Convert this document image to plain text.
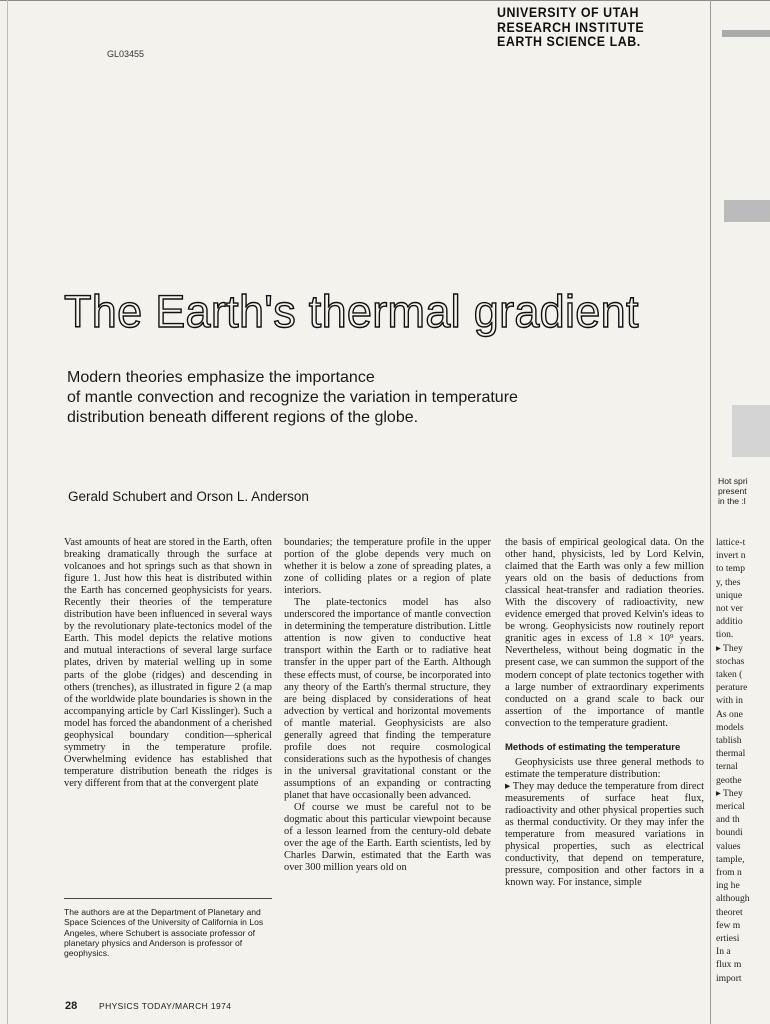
UNIVERSITY OF UTAH
RESEARCH INSTITUTE
EARTH SCIENCE LAB.
GL03455
The Earth's thermal gradient
Modern theories emphasize the importance
of mantle convection and recognize the variation in temperature
distribution beneath different regions of the globe.
Gerald Schubert and Orson L. Anderson

Vast amounts of heat are stored in the Earth, often breaking dramatically through the surface at volcanoes and hot springs such as that shown in figure 1. Just how this heat is distributed within the Earth has concerned geophysicists for years. Recently their theories of the temperature distribution have been influenced in several ways by the revolutionary plate-tectonics model of the Earth. This model depicts the relative motions and mutual interactions of several large surface plates, driven by material welling up in some parts of the globe (ridges) and descending in others (trenches), as illustrated in figure 2 (a map of the worldwide plate boundaries is shown in the accompanying article by Carl Kisslinger). Such a model has forced the abandonment of a cherished geophysical boundary condition—spherical symmetry in the temperature profile. Overwhelming evidence has established that temperature distribution beneath the ridges is very different from that at the convergent plate

boundaries; the temperature profile in the upper portion of the globe depends very much on whether it is below a zone of spreading plates, a zone of colliding plates or a region of plate interiors.

The plate-tectonics model has also underscored the importance of mantle convection in determining the temperature distribution. Little attention is now given to conductive heat transport within the Earth or to radiative heat transfer in the upper part of the Earth. Although these effects must, of course, be incorporated into any theory of the Earth's thermal structure, they are being displaced by considerations of heat advection by vertical and horizontal movements of mantle material. Geophysicists are also generally agreed that finding the temperature profile does not require cosmological considerations such as the hypothesis of changes in the universal gravitational constant or the assumptions of an expanding or contracting planet that have occasionally been advanced.

Of course we must be careful not to be dogmatic about this particular viewpoint because of a lesson learned from the century-old debate over the age of the Earth. Earth scientists, led by Charles Darwin, estimated that the Earth was over 300 million years old on

the basis of empirical geological data. On the other hand, physicists, led by Lord Kelvin, claimed that the Earth was only a few million years old on the basis of deductions from classical heat-transfer and radiation theories. With the discovery of radioactivity, new evidence emerged that proved Kelvin's ideas to be wrong. Geophysicists now routinely report granitic ages in excess of 1.8 × 10⁹ years. Nevertheless, without being dogmatic in the present case, we can summon the support of the modern concept of plate tectonics together with a large number of extraordinary experiments conducted on a grand scale to back our assertion of the importance of mantle convection to the temperature gradient.

Methods of estimating the temperature

Geophysicists use three general methods to estimate the temperature distribution:

▸ They may deduce the temperature from direct measurements of surface heat flux, radioactivity and other physical properties such as thermal conductivity. Or they may infer the temperature from measured variations in physical properties, such as electrical conductivity, that depend on temperature, pressure, composition and other factors in a known way. For instance, simple

The authors are at the Department of Planetary and Space Sciences of the University of California in Los Angeles, where Schubert is associate professor of planetary physics and Anderson is professor of geophysics.
28	PHYSICS TODAY/MARCH 1974
Hot spri
present
in the :l
lattice-t
invert n
to temp
y, thes
unique
not ver
additio
tion.
▸ They
stochas
taken (
perature
with in
As one
models
tablish
thermal
ternal
geothe
▸ They
merical
and th
boundi
values
tample,
from n
ing he
although
theoret
few m
ertiesi
In a
flux m
import
